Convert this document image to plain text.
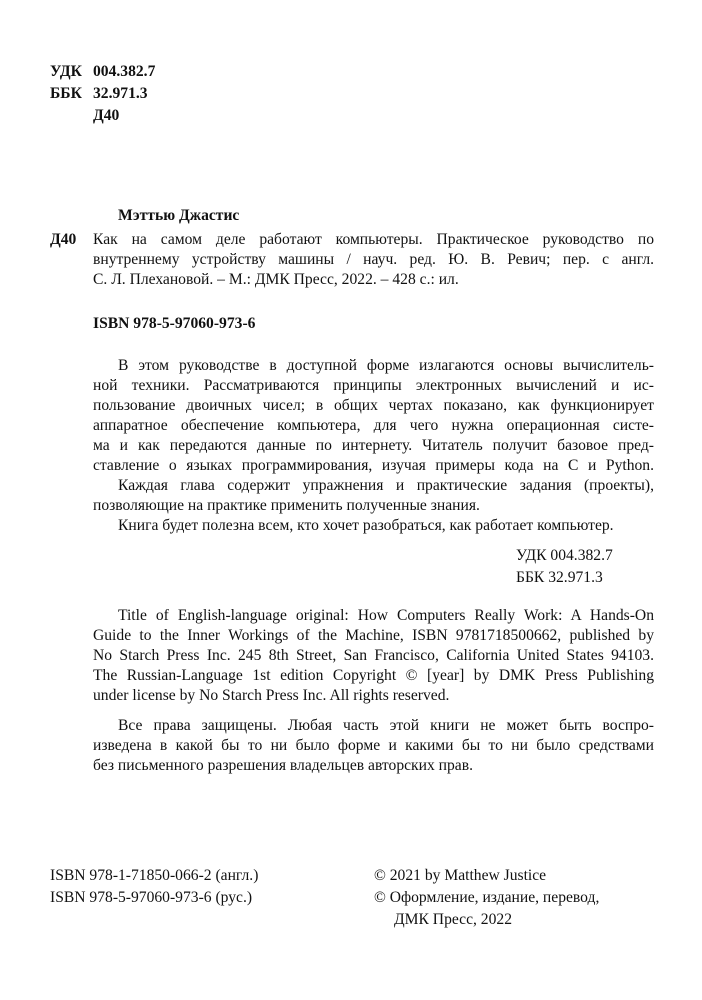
УДК 004.382.7
ББК 32.971.3
Д40
Мэттью Джастис
Д40 Как на самом деле работают компьютеры. Практическое руководство по
внутреннему устройству машины / науч. ред. Ю. В. Ревич; пер. с англ.
С. Л. Плехановой. – М.: ДМК Пресс, 2022. – 428 с.: ил.
ISBN 978-5-97060-973-6
В этом руководстве в доступной форме излагаются основы вычислитель-
ной техники. Рассматриваются принципы электронных вычислений и ис-
пользование двоичных чисел; в общих чертах показано, как функционирует
аппаратное обеспечение компьютера, для чего нужна операционная систе-
ма и как передаются данные по интернету. Читатель получит базовое пред-
ставление о языках программирования, изучая примеры кода на С и Python.
Каждая глава содержит упражнения и практические задания (проекты),
позволяющие на практике применить полученные знания.
Книга будет полезна всем, кто хочет разобраться, как работает компьютер.
УДК 004.382.7
ББК 32.971.3
Title of English-language original: How Computers Really Work: A Hands-On
Guide to the Inner Workings of the Machine, ISBN 9781718500662, published by
No Starch Press Inc. 245 8th Street, San Francisco, California United States 94103.
The Russian-Language 1st edition Copyright © [year] by DMK Press Publishing
under license by No Starch Press Inc. All rights reserved.
Все права защищены. Любая часть этой книги не может быть воспро-
изведена в какой бы то ни было форме и какими бы то ни было средствами
без письменного разрешения владельцев авторских прав.
ISBN 978-1-71850-066-2 (англ.)
ISBN 978-5-97060-973-6 (рус.)
© 2021 by Matthew Justice
© Оформление, издание, перевод,
ДМК Пресс, 2022
